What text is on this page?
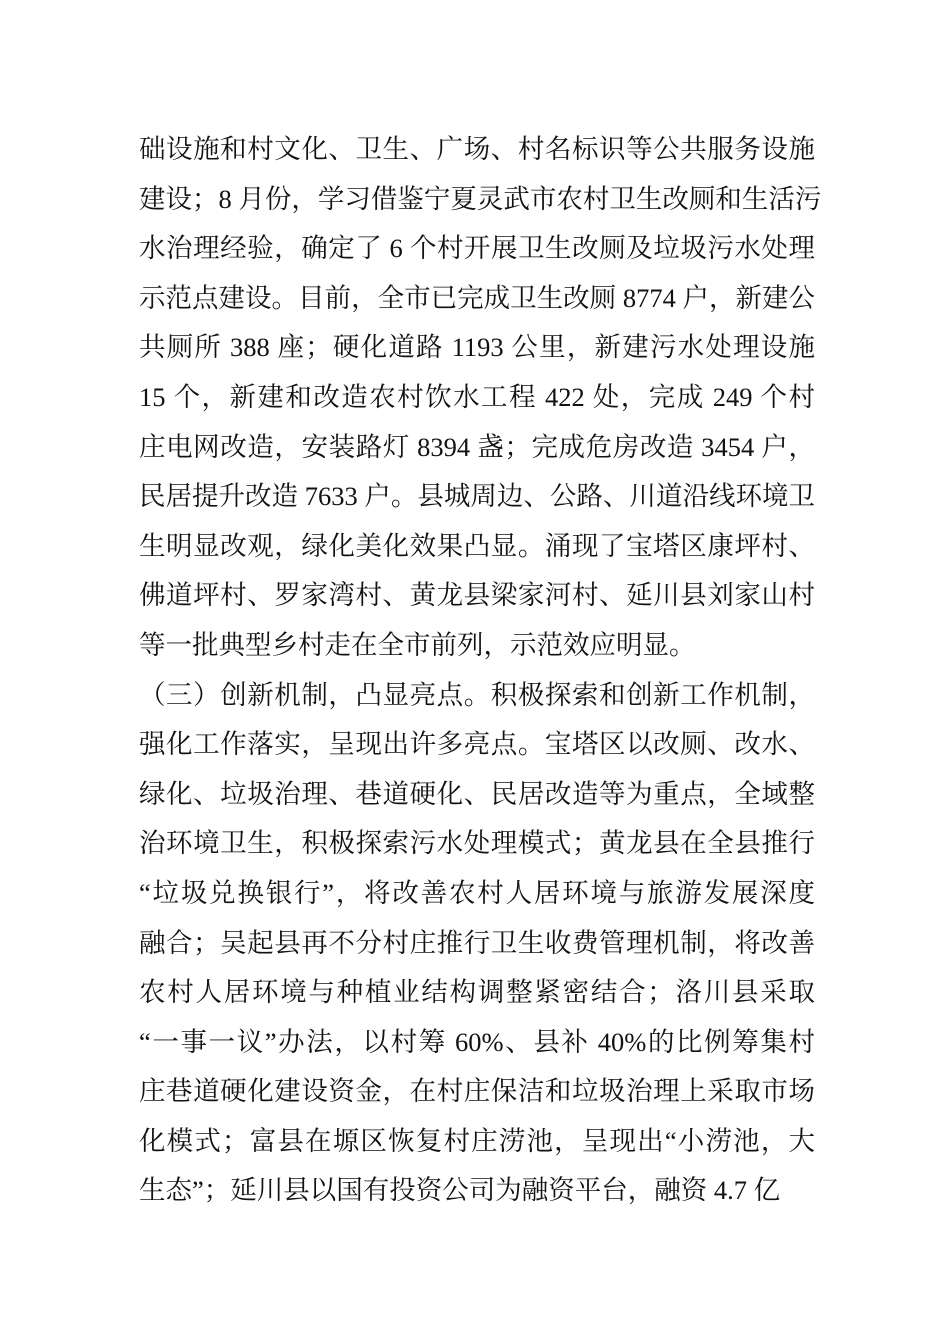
础设施和村文化、卫生、广场、村名标识等公共服务设施
建设；8 月份，学习借鉴宁夏灵武市农村卫生改厕和生活污
水治理经验，确定了 6 个村开展卫生改厕及垃圾污水处理
示范点建设。目前，全市已完成卫生改厕 8774 户，新建公
共厕所 388 座；硬化道路 1193 公里，新建污水处理设施
15 个，新建和改造农村饮水工程 422 处，完成 249 个村
庄电网改造，安装路灯 8394 盏；完成危房改造 3454 户，
民居提升改造 7633 户。县城周边、公路、川道沿线环境卫
生明显改观，绿化美化效果凸显。涌现了宝塔区康坪村、
佛道坪村、罗家湾村、黄龙县梁家河村、延川县刘家山村
等一批典型乡村走在全市前列，示范效应明显。
（三）创新机制，凸显亮点。积极探索和创新工作机制，
强化工作落实，呈现出许多亮点。宝塔区以改厕、改水、
绿化、垃圾治理、巷道硬化、民居改造等为重点，全域整
治环境卫生，积极探索污水处理模式；黄龙县在全县推行
“垃圾兑换银行”，将改善农村人居环境与旅游发展深度
融合；吴起县再不分村庄推行卫生收费管理机制，将改善
农村人居环境与种植业结构调整紧密结合；洛川县采取
“一事一议”办法，以村筹 60%、县补 40%的比例筹集村
庄巷道硬化建设资金，在村庄保洁和垃圾治理上采取市场
化模式；富县在塬区恢复村庄涝池，呈现出“小涝池，大
生态”；延川县以国有投资公司为融资平台，融资 4.7 亿
